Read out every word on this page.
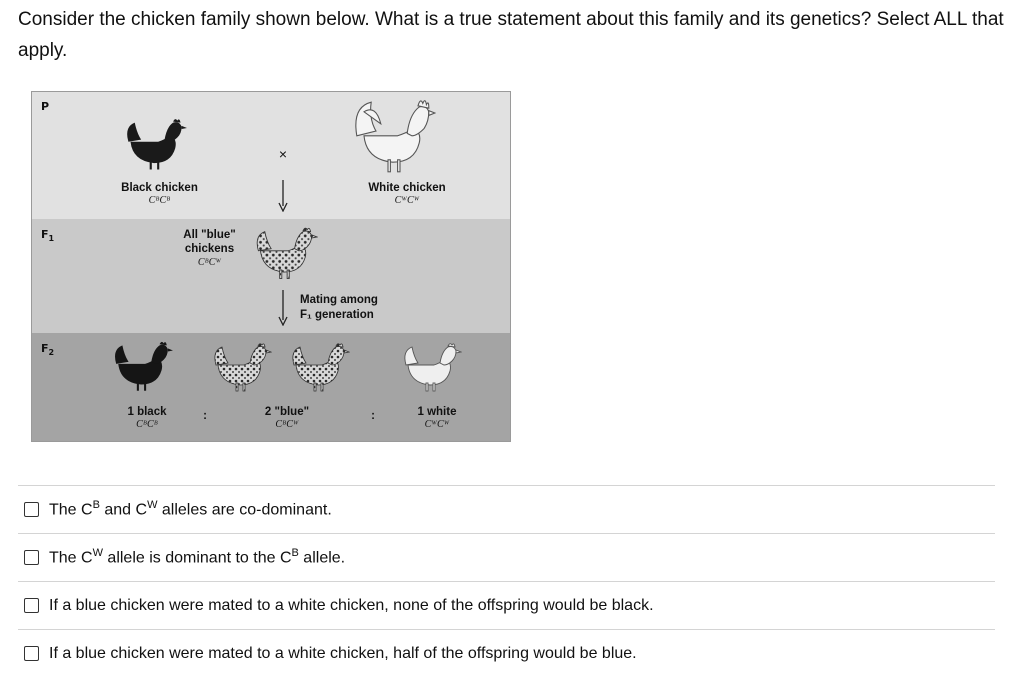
Consider the chicken family shown below. What is a true statement about this family and its genetics? Select ALL that apply.
P
$F_1$
$F_2$
Black chicken
CᴮCᴮ
×
White chicken
CᵂCᵂ
All "blue"
chickens
CᴮCᵂ
Mating among
F₁ generation
1 black
CᴮCᴮ
:	2 "blue"
CᴮCᵂ
:	1 white
CᵂCᵂ
The $C^B$ and $C^W$ alleles are co-dominant.
The $C^W$ allele is dominant to the $C^B$ allele.
If a blue chicken were mated to a white chicken, none of the offspring would be black.
If a blue chicken were mated to a white chicken, half of the offspring would be blue.
